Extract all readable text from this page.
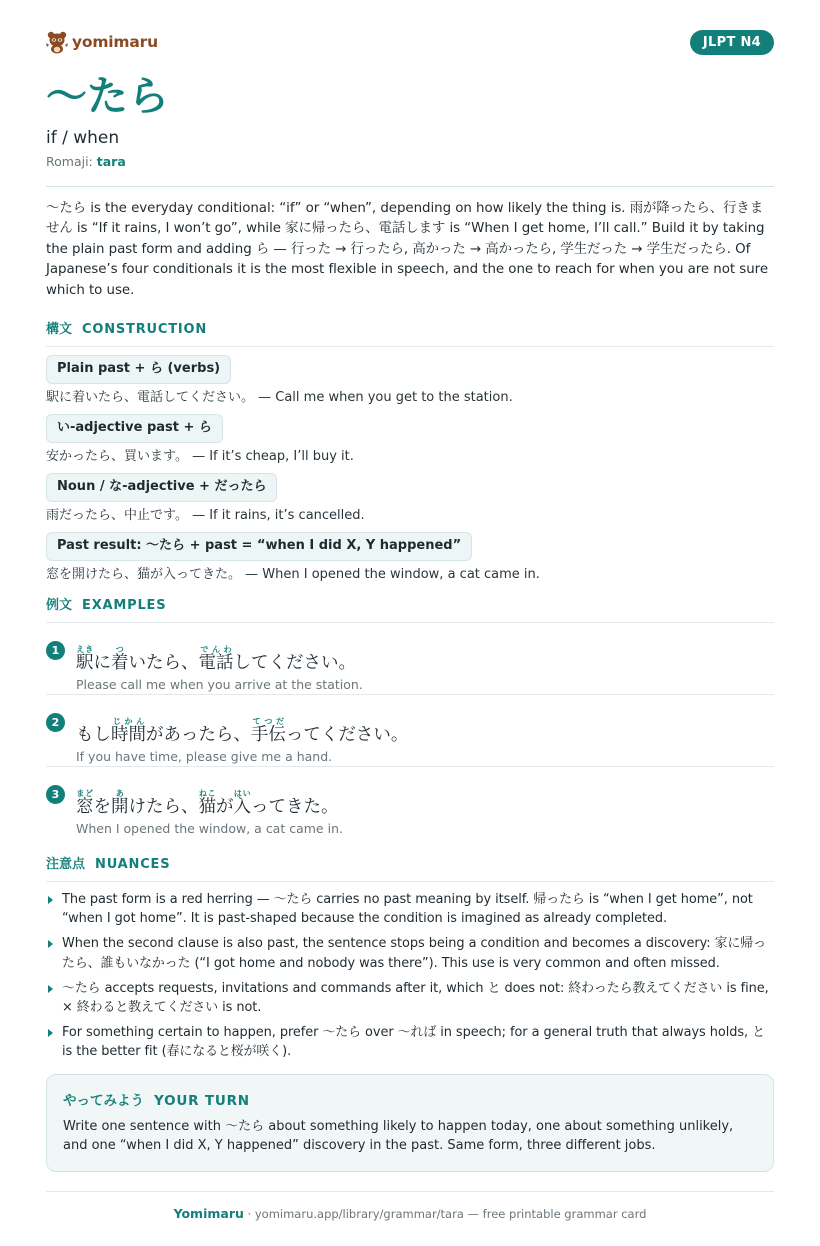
yomimaru	JLPT N4
〜たら
if / when
Romaji: tara

〜たら is the everyday conditional: “if” or “when”, depending on how likely the thing is. 雨が降ったら、行きません is “If it rains, I won’t go”, while 家に帰ったら、電話します is “When I get home, I’ll call.” Build it by taking the plain past form and adding ら — 行った → 行ったら, 高かった → 高かったら, 学生だった → 学生だったら. Of Japanese’s four conditionals it is the most flexible in speech, and the one to reach for when you are not sure which to use.

構文 CONSTRUCTION
Plain past + ら (verbs)
駅に着いたら、電話してください。 — Call me when you get to the station.
い-adjective past + ら
安かったら、買います。 — If it’s cheap, I’ll buy it.
Noun / な-adjective + だったら
雨だったら、中止です。 — If it rains, it’s cancelled.
Past result: 〜たら + past = “when I did X, Y happened”
窓を開けたら、猫が入ってきた。 — When I opened the window, a cat came in.
例文 EXAMPLES
1
駅えきに着ついたら、電話でんわしてください。
Please call me when you arrive at the station.
2
もし時間じかんがあったら、手伝てつだってください。
If you have time, please give me a hand.
3
窓まどを開あけたら、猫ねこが入はいってきた。
When I opened the window, a cat came in.
注意点 NUANCES
The past form is a red herring — 〜たら carries no past meaning by itself. 帰ったら is “when I get home”, not “when I got home”. It is past-shaped because the condition is imagined as already completed.
When the second clause is also past, the sentence stops being a condition and becomes a discovery: 家に帰ったら、誰もいなかった (“I got home and nobody was there”). This use is very common and often missed.
〜たら accepts requests, invitations and commands after it, which と does not: 終わったら教えてください is fine, × 終わると教えてください is not.
For something certain to happen, prefer 〜たら over 〜れば in speech; for a general truth that always holds, と is the better fit (春になると桜が咲く).
やってみよう YOUR TURN

Write one sentence with 〜たら about something likely to happen today, one about something unlikely, and one “when I did X, Y happened” discovery in the past. Same form, three different jobs.

Yomimaru · yomimaru.app/library/grammar/tara — free printable grammar card
